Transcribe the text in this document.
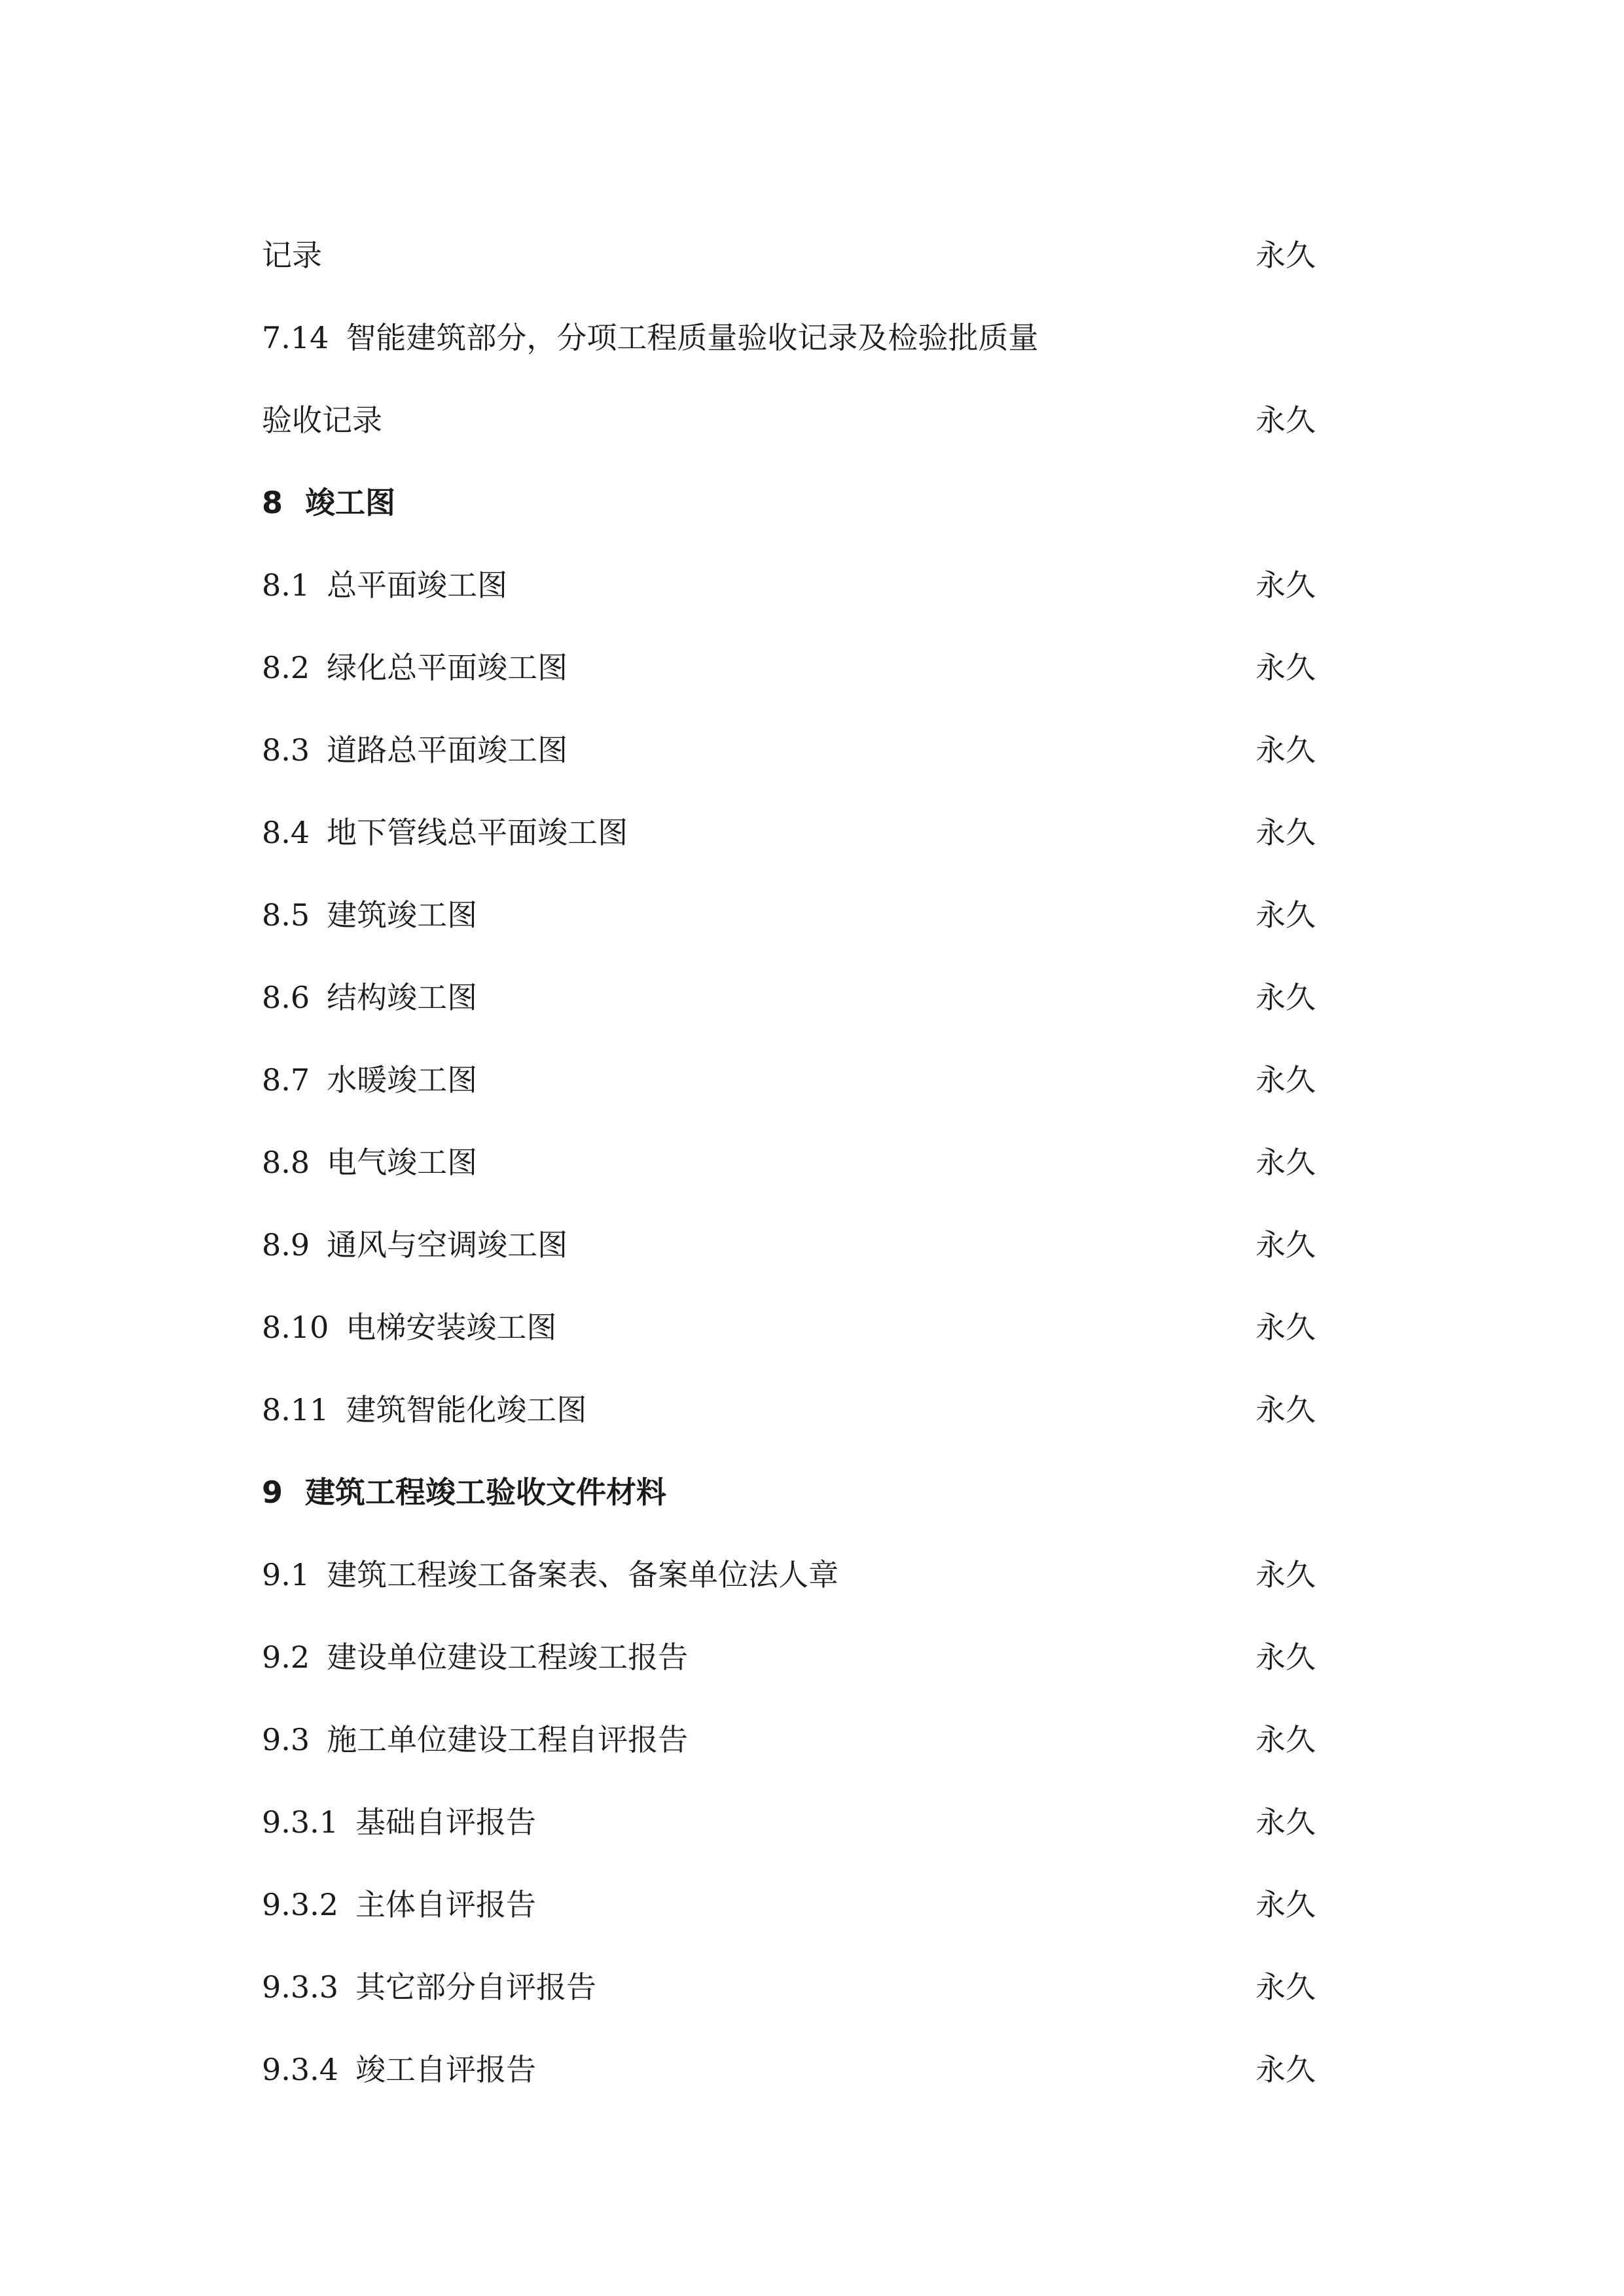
记录	永久
7.14 智能建筑部分，分项工程质量验收记录及检验批质量
验收记录	永久
8 竣工图
8.1 总平面竣工图	永久
8.2 绿化总平面竣工图	永久
8.3 道路总平面竣工图	永久
8.4 地下管线总平面竣工图	永久
8.5 建筑竣工图	永久
8.6 结构竣工图	永久
8.7 水暖竣工图	永久
8.8 电气竣工图	永久
8.9 通风与空调竣工图	永久
8.10 电梯安装竣工图	永久
8.11 建筑智能化竣工图	永久
9 建筑工程竣工验收文件材料
9.1 建筑工程竣工备案表、备案单位法人章	永久
9.2 建设单位建设工程竣工报告	永久
9.3 施工单位建设工程自评报告	永久
9.3.1 基础自评报告	永久
9.3.2 主体自评报告	永久
9.3.3 其它部分自评报告	永久
9.3.4 竣工自评报告	永久
